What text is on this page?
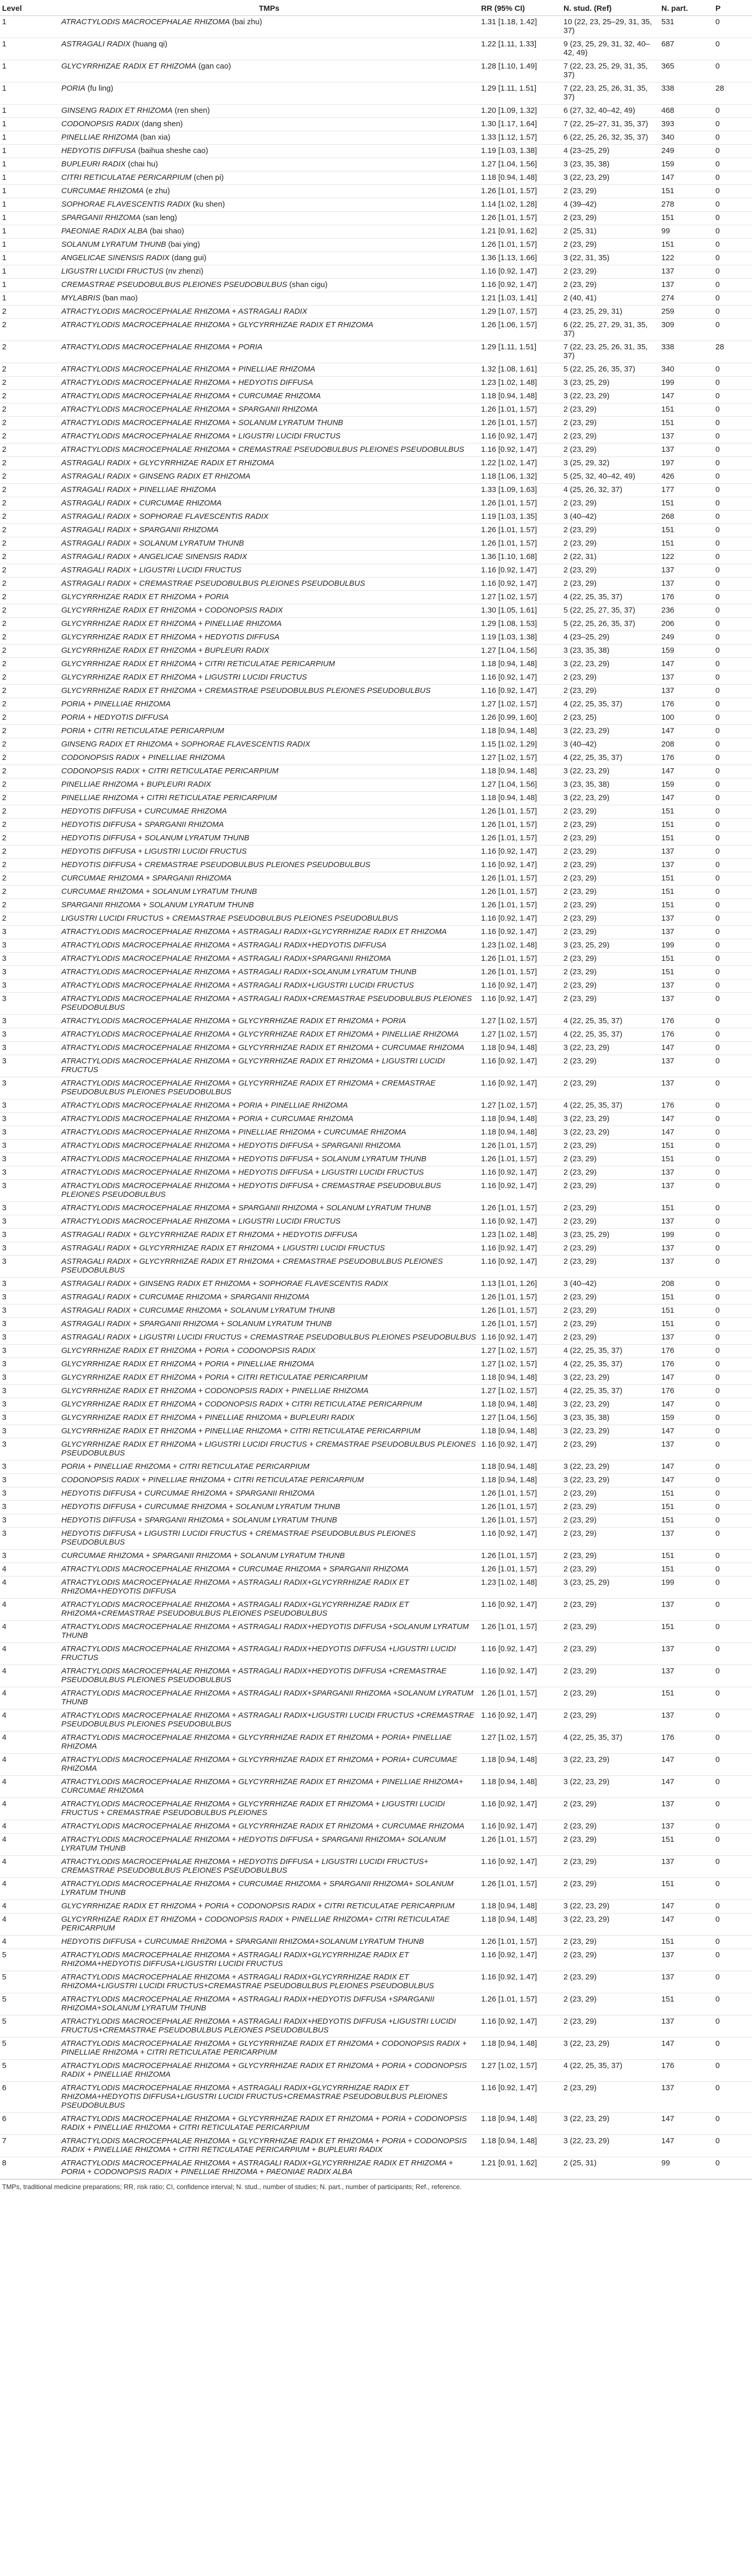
Level	TMPs	RR (95% CI)	N. stud. (Ref)	N. part.	P
1	ATRACTYLODIS MACROCEPHALAE RHIZOMA (bai zhu)	1.31 [1.18, 1.42]	10 (22, 23, 25–29, 31, 35, 37)	531	0
1	ASTRAGALI RADIX (huang qi)	1.22 [1.11, 1.33]	9 (23, 25, 29, 31, 32, 40–42, 49)	687	0
1	GLYCYRRHIZAE RADIX ET RHIZOMA (gan cao)	1.28 [1.10, 1.49]	7 (22, 23, 25, 29, 31, 35, 37)	365	0
1	PORIA (fu ling)	1.29 [1.11, 1.51]	7 (22, 23, 25, 26, 31, 35, 37)	338	28
1	GINSENG RADIX ET RHIZOMA (ren shen)	1.20 [1.09, 1.32]	6 (27, 32, 40–42, 49)	468	0
1	CODONOPSIS RADIX (dang shen)	1.30 [1.17, 1.64]	7 (22, 25–27, 31, 35, 37)	393	0
1	PINELLIAE RHIZOMA (ban xia)	1.33 [1.12, 1.57]	6 (22, 25, 26, 32, 35, 37)	340	0
1	HEDYOTIS DIFFUSA (baihua sheshe cao)	1.19 [1.03, 1.38]	4 (23–25, 29)	249	0
1	BUPLEURI RADIX (chai hu)	1.27 [1.04, 1.56]	3 (23, 35, 38)	159	0
1	CITRI RETICULATAE PERICARPIUM (chen pi)	1.18 [0.94, 1.48]	3 (22, 23, 29)	147	0
1	CURCUMAE RHIZOMA (e zhu)	1.26 [1.01, 1.57]	2 (23, 29)	151	0
1	SOPHORAE FLAVESCENTIS RADIX (ku shen)	1.14 [1.02, 1.28]	4 (39–42)	278	0
1	SPARGANII RHIZOMA (san leng)	1.26 [1.01, 1.57]	2 (23, 29)	151	0
1	PAEONIAE RADIX ALBA (bai shao)	1.21 [0.91, 1.62]	2 (25, 31)	99	0
1	SOLANUM LYRATUM THUNB (bai ying)	1.26 [1.01, 1.57]	2 (23, 29)	151	0
1	ANGELICAE SINENSIS RADIX (dang gui)	1.36 [1.13, 1.66]	3 (22, 31, 35)	122	0
1	LIGUSTRI LUCIDI FRUCTUS (nv zhenzi)	1.16 [0.92, 1.47]	2 (23, 29)	137	0
1	CREMASTRAE PSEUDOBULBUS PLEIONES PSEUDOBULBUS (shan cigu)	1.16 [0.92, 1.47]	2 (23, 29)	137	0
1	MYLABRIS (ban mao)	1.21 [1.03, 1.41]	2 (40, 41)	274	0
2	ATRACTYLODIS MACROCEPHALAE RHIZOMA + ASTRAGALI RADIX	1.29 [1.07, 1.57]	4 (23, 25, 29, 31)	259	0
2	ATRACTYLODIS MACROCEPHALAE RHIZOMA + GLYCYRRHIZAE RADIX ET RHIZOMA	1.26 [1.06, 1.57]	6 (22, 25, 27, 29, 31, 35, 37)	309	0
2	ATRACTYLODIS MACROCEPHALAE RHIZOMA + PORIA	1.29 [1.11, 1.51]	7 (22, 23, 25, 26, 31, 35, 37)	338	28
2	ATRACTYLODIS MACROCEPHALAE RHIZOMA + PINELLIAE RHIZOMA	1.32 [1.08, 1.61]	5 (22, 25, 26, 35, 37)	340	0
2	ATRACTYLODIS MACROCEPHALAE RHIZOMA + HEDYOTIS DIFFUSA	1.23 [1.02, 1.48]	3 (23, 25, 29)	199	0
2	ATRACTYLODIS MACROCEPHALAE RHIZOMA + CURCUMAE RHIZOMA	1.18 [0.94, 1.48]	3 (22, 23, 29)	147	0
2	ATRACTYLODIS MACROCEPHALAE RHIZOMA + SPARGANII RHIZOMA	1.26 [1.01, 1.57]	2 (23, 29)	151	0
2	ATRACTYLODIS MACROCEPHALAE RHIZOMA + SOLANUM LYRATUM THUNB	1.26 [1.01, 1.57]	2 (23, 29)	151	0
2	ATRACTYLODIS MACROCEPHALAE RHIZOMA + LIGUSTRI LUCIDI FRUCTUS	1.16 [0.92, 1.47]	2 (23, 29)	137	0
2	ATRACTYLODIS MACROCEPHALAE RHIZOMA + CREMASTRAE PSEUDOBULBUS PLEIONES PSEUDOBULBUS	1.16 [0.92, 1.47]	2 (23, 29)	137	0
2	ASTRAGALI RADIX + GLYCYRRHIZAE RADIX ET RHIZOMA	1.22 [1.02, 1.47]	3 (25, 29, 32)	197	0
2	ASTRAGALI RADIX + GINSENG RADIX ET RHIZOMA	1.18 [1.06, 1.32]	5 (25, 32, 40–42, 49)	426	0
2	ASTRAGALI RADIX + PINELLIAE RHIZOMA	1.33 [1.09, 1.63]	4 (25, 26, 32, 37)	177	0
2	ASTRAGALI RADIX + CURCUMAE RHIZOMA	1.26 [1.01, 1.57]	2 (23, 29)	151	0
2	ASTRAGALI RADIX + SOPHORAE FLAVESCENTIS RADIX	1.19 [1.03, 1.35]	3 (40–42)	268	0
2	ASTRAGALI RADIX + SPARGANII RHIZOMA	1.26 [1.01, 1.57]	2 (23, 29)	151	0
2	ASTRAGALI RADIX + SOLANUM LYRATUM THUNB	1.26 [1.01, 1.57]	2 (23, 29)	151	0
2	ASTRAGALI RADIX + ANGELICAE SINENSIS RADIX	1.36 [1.10, 1.68]	2 (22, 31)	122	0
2	ASTRAGALI RADIX + LIGUSTRI LUCIDI FRUCTUS	1.16 [0.92, 1.47]	2 (23, 29)	137	0
2	ASTRAGALI RADIX + CREMASTRAE PSEUDOBULBUS PLEIONES PSEUDOBULBUS	1.16 [0.92, 1.47]	2 (23, 29)	137	0
2	GLYCYRRHIZAE RADIX ET RHIZOMA + PORIA	1.27 [1.02, 1.57]	4 (22, 25, 35, 37)	176	0
2	GLYCYRRHIZAE RADIX ET RHIZOMA + CODONOPSIS RADIX	1.30 [1.05, 1.61]	5 (22, 25, 27, 35, 37)	236	0
2	GLYCYRRHIZAE RADIX ET RHIZOMA + PINELLIAE RHIZOMA	1.29 [1.08, 1.53]	5 (22, 25, 26, 35, 37)	206	0
2	GLYCYRRHIZAE RADIX ET RHIZOMA + HEDYOTIS DIFFUSA	1.19 [1.03, 1.38]	4 (23–25, 29)	249	0
2	GLYCYRRHIZAE RADIX ET RHIZOMA + BUPLEURI RADIX	1.27 [1.04, 1.56]	3 (23, 35, 38)	159	0
2	GLYCYRRHIZAE RADIX ET RHIZOMA + CITRI RETICULATAE PERICARPIUM	1.18 [0.94, 1.48]	3 (22, 23, 29)	147	0
2	GLYCYRRHIZAE RADIX ET RHIZOMA + LIGUSTRI LUCIDI FRUCTUS	1.16 [0.92, 1.47]	2 (23, 29)	137	0
2	GLYCYRRHIZAE RADIX ET RHIZOMA + CREMASTRAE PSEUDOBULBUS PLEIONES PSEUDOBULBUS	1.16 [0.92, 1.47]	2 (23, 29)	137	0
2	PORIA + PINELLIAE RHIZOMA	1.27 [1.02, 1.57]	4 (22, 25, 35, 37)	176	0
2	PORIA + HEDYOTIS DIFFUSA	1.26 [0.99, 1.60]	2 (23, 25)	100	0
2	PORIA + CITRI RETICULATAE PERICARPIUM	1.18 [0.94, 1.48]	3 (22, 23, 29)	147	0
2	GINSENG RADIX ET RHIZOMA + SOPHORAE FLAVESCENTIS RADIX	1.15 [1.02, 1.29]	3 (40–42)	208	0
2	CODONOPSIS RADIX + PINELLIAE RHIZOMA	1.27 [1.02, 1.57]	4 (22, 25, 35, 37)	176	0
2	CODONOPSIS RADIX + CITRI RETICULATAE PERICARPIUM	1.18 [0.94, 1.48]	3 (22, 23, 29)	147	0
2	PINELLIAE RHIZOMA + BUPLEURI RADIX	1.27 [1.04, 1.56]	3 (23, 35, 38)	159	0
2	PINELLIAE RHIZOMA + CITRI RETICULATAE PERICARPIUM	1.18 [0.94, 1.48]	3 (22, 23, 29)	147	0
2	HEDYOTIS DIFFUSA + CURCUMAE RHIZOMA	1.26 [1.01, 1.57]	2 (23, 29)	151	0
2	HEDYOTIS DIFFUSA + SPARGANII RHIZOMA	1.26 [1.01, 1.57]	2 (23, 29)	151	0
2	HEDYOTIS DIFFUSA + SOLANUM LYRATUM THUNB	1.26 [1.01, 1.57]	2 (23, 29)	151	0
2	HEDYOTIS DIFFUSA + LIGUSTRI LUCIDI FRUCTUS	1.16 [0.92, 1.47]	2 (23, 29)	137	0
2	HEDYOTIS DIFFUSA + CREMASTRAE PSEUDOBULBUS PLEIONES PSEUDOBULBUS	1.16 [0.92, 1.47]	2 (23, 29)	137	0
2	CURCUMAE RHIZOMA + SPARGANII RHIZOMA	1.26 [1.01, 1.57]	2 (23, 29)	151	0
2	CURCUMAE RHIZOMA + SOLANUM LYRATUM THUNB	1.26 [1.01, 1.57]	2 (23, 29)	151	0
2	SPARGANII RHIZOMA + SOLANUM LYRATUM THUNB	1.26 [1.01, 1.57]	2 (23, 29)	151	0
2	LIGUSTRI LUCIDI FRUCTUS + CREMASTRAE PSEUDOBULBUS PLEIONES PSEUDOBULBUS	1.16 [0.92, 1.47]	2 (23, 29)	137	0
3	ATRACTYLODIS MACROCEPHALAE RHIZOMA + ASTRAGALI RADIX+GLYCYRRHIZAE RADIX ET RHIZOMA	1.16 [0.92, 1.47]	2 (23, 29)	137	0
3	ATRACTYLODIS MACROCEPHALAE RHIZOMA + ASTRAGALI RADIX+HEDYOTIS DIFFUSA	1.23 [1.02, 1.48]	3 (23, 25, 29)	199	0
3	ATRACTYLODIS MACROCEPHALAE RHIZOMA + ASTRAGALI RADIX+SPARGANII RHIZOMA	1.26 [1.01, 1.57]	2 (23, 29)	151	0
3	ATRACTYLODIS MACROCEPHALAE RHIZOMA + ASTRAGALI RADIX+SOLANUM LYRATUM THUNB	1.26 [1.01, 1.57]	2 (23, 29)	151	0
3	ATRACTYLODIS MACROCEPHALAE RHIZOMA + ASTRAGALI RADIX+LIGUSTRI LUCIDI FRUCTUS	1.16 [0.92, 1.47]	2 (23, 29)	137	0
3	ATRACTYLODIS MACROCEPHALAE RHIZOMA + ASTRAGALI RADIX+CREMASTRAE PSEUDOBULBUS PLEIONES PSEUDOBULBUS	1.16 [0.92, 1.47]	2 (23, 29)	137	0
3	ATRACTYLODIS MACROCEPHALAE RHIZOMA + GLYCYRRHIZAE RADIX ET RHIZOMA + PORIA	1.27 [1.02, 1.57]	4 (22, 25, 35, 37)	176	0
3	ATRACTYLODIS MACROCEPHALAE RHIZOMA + GLYCYRRHIZAE RADIX ET RHIZOMA + PINELLIAE RHIZOMA	1.27 [1.02, 1.57]	4 (22, 25, 35, 37)	176	0
3	ATRACTYLODIS MACROCEPHALAE RHIZOMA + GLYCYRRHIZAE RADIX ET RHIZOMA + CURCUMAE RHIZOMA	1.18 [0.94, 1.48]	3 (22, 23, 29)	147	0
3	ATRACTYLODIS MACROCEPHALAE RHIZOMA + GLYCYRRHIZAE RADIX ET RHIZOMA + LIGUSTRI LUCIDI FRUCTUS	1.16 [0.92, 1.47]	2 (23, 29)	137	0
3	ATRACTYLODIS MACROCEPHALAE RHIZOMA + GLYCYRRHIZAE RADIX ET RHIZOMA + CREMASTRAE PSEUDOBULBUS PLEIONES PSEUDOBULBUS	1.16 [0.92, 1.47]	2 (23, 29)	137	0
3	ATRACTYLODIS MACROCEPHALAE RHIZOMA + PORIA + PINELLIAE RHIZOMA	1.27 [1.02, 1.57]	4 (22, 25, 35, 37)	176	0
3	ATRACTYLODIS MACROCEPHALAE RHIZOMA + PORIA + CURCUMAE RHIZOMA	1.18 [0.94, 1.48]	3 (22, 23, 29)	147	0
3	ATRACTYLODIS MACROCEPHALAE RHIZOMA + PINELLIAE RHIZOMA + CURCUMAE RHIZOMA	1.18 [0.94, 1.48]	3 (22, 23, 29)	147	0
3	ATRACTYLODIS MACROCEPHALAE RHIZOMA + HEDYOTIS DIFFUSA + SPARGANII RHIZOMA	1.26 [1.01, 1.57]	2 (23, 29)	151	0
3	ATRACTYLODIS MACROCEPHALAE RHIZOMA + HEDYOTIS DIFFUSA + SOLANUM LYRATUM THUNB	1.26 [1.01, 1.57]	2 (23, 29)	151	0
3	ATRACTYLODIS MACROCEPHALAE RHIZOMA + HEDYOTIS DIFFUSA + LIGUSTRI LUCIDI FRUCTUS	1.16 [0.92, 1.47]	2 (23, 29)	137	0
3	ATRACTYLODIS MACROCEPHALAE RHIZOMA + HEDYOTIS DIFFUSA + CREMASTRAE PSEUDOBULBUS PLEIONES PSEUDOBULBUS	1.16 [0.92, 1.47]	2 (23, 29)	137	0
3	ATRACTYLODIS MACROCEPHALAE RHIZOMA + SPARGANII RHIZOMA + SOLANUM LYRATUM THUNB	1.26 [1.01, 1.57]	2 (23, 29)	151	0
3	ATRACTYLODIS MACROCEPHALAE RHIZOMA + LIGUSTRI LUCIDI FRUCTUS	1.16 [0.92, 1.47]	2 (23, 29)	137	0
3	ASTRAGALI RADIX + GLYCYRRHIZAE RADIX ET RHIZOMA + HEDYOTIS DIFFUSA	1.23 [1.02, 1.48]	3 (23, 25, 29)	199	0
3	ASTRAGALI RADIX + GLYCYRRHIZAE RADIX ET RHIZOMA + LIGUSTRI LUCIDI FRUCTUS	1.16 [0.92, 1.47]	2 (23, 29)	137	0
3	ASTRAGALI RADIX + GLYCYRRHIZAE RADIX ET RHIZOMA + CREMASTRAE PSEUDOBULBUS PLEIONES PSEUDOBULBUS	1.16 [0.92, 1.47]	2 (23, 29)	137	0
3	ASTRAGALI RADIX + GINSENG RADIX ET RHIZOMA + SOPHORAE FLAVESCENTIS RADIX	1.13 [1.01, 1.26]	3 (40–42)	208	0
3	ASTRAGALI RADIX + CURCUMAE RHIZOMA + SPARGANII RHIZOMA	1.26 [1.01, 1.57]	2 (23, 29)	151	0
3	ASTRAGALI RADIX + CURCUMAE RHIZOMA + SOLANUM LYRATUM THUNB	1.26 [1.01, 1.57]	2 (23, 29)	151	0
3	ASTRAGALI RADIX + SPARGANII RHIZOMA + SOLANUM LYRATUM THUNB	1.26 [1.01, 1.57]	2 (23, 29)	151	0
3	ASTRAGALI RADIX + LIGUSTRI LUCIDI FRUCTUS + CREMASTRAE PSEUDOBULBUS PLEIONES PSEUDOBULBUS	1.16 [0.92, 1.47]	2 (23, 29)	137	0
3	GLYCYRRHIZAE RADIX ET RHIZOMA + PORIA + CODONOPSIS RADIX	1.27 [1.02, 1.57]	4 (22, 25, 35, 37)	176	0
3	GLYCYRRHIZAE RADIX ET RHIZOMA + PORIA + PINELLIAE RHIZOMA	1.27 [1.02, 1.57]	4 (22, 25, 35, 37)	176	0
3	GLYCYRRHIZAE RADIX ET RHIZOMA + PORIA + CITRI RETICULATAE PERICARPIUM	1.18 [0.94, 1.48]	3 (22, 23, 29)	147	0
3	GLYCYRRHIZAE RADIX ET RHIZOMA + CODONOPSIS RADIX + PINELLIAE RHIZOMA	1.27 [1.02, 1.57]	4 (22, 25, 35, 37)	176	0
3	GLYCYRRHIZAE RADIX ET RHIZOMA + CODONOPSIS RADIX + CITRI RETICULATAE PERICARPIUM	1.18 [0.94, 1.48]	3 (22, 23, 29)	147	0
3	GLYCYRRHIZAE RADIX ET RHIZOMA + PINELLIAE RHIZOMA + BUPLEURI RADIX	1.27 [1.04, 1.56]	3 (23, 35, 38)	159	0
3	GLYCYRRHIZAE RADIX ET RHIZOMA + PINELLIAE RHIZOMA + CITRI RETICULATAE PERICARPIUM	1.18 [0.94, 1.48]	3 (22, 23, 29)	147	0
3	GLYCYRRHIZAE RADIX ET RHIZOMA + LIGUSTRI LUCIDI FRUCTUS + CREMASTRAE PSEUDOBULBUS PLEIONES PSEUDOBULBUS	1.16 [0.92, 1.47]	2 (23, 29)	137	0
3	PORIA + PINELLIAE RHIZOMA + CITRI RETICULATAE PERICARPIUM	1.18 [0.94, 1.48]	3 (22, 23, 29)	147	0
3	CODONOPSIS RADIX + PINELLIAE RHIZOMA + CITRI RETICULATAE PERICARPIUM	1.18 [0.94, 1.48]	3 (22, 23, 29)	147	0
3	HEDYOTIS DIFFUSA + CURCUMAE RHIZOMA + SPARGANII RHIZOMA	1.26 [1.01, 1.57]	2 (23, 29)	151	0
3	HEDYOTIS DIFFUSA + CURCUMAE RHIZOMA + SOLANUM LYRATUM THUNB	1.26 [1.01, 1.57]	2 (23, 29)	151	0
3	HEDYOTIS DIFFUSA + SPARGANII RHIZOMA + SOLANUM LYRATUM THUNB	1.26 [1.01, 1.57]	2 (23, 29)	151	0
3	HEDYOTIS DIFFUSA + LIGUSTRI LUCIDI FRUCTUS + CREMASTRAE PSEUDOBULBUS PLEIONES PSEUDOBULBUS	1.16 [0.92, 1.47]	2 (23, 29)	137	0
3	CURCUMAE RHIZOMA + SPARGANII RHIZOMA + SOLANUM LYRATUM THUNB	1.26 [1.01, 1.57]	2 (23, 29)	151	0
4	ATRACTYLODIS MACROCEPHALAE RHIZOMA + CURCUMAE RHIZOMA + SPARGANII RHIZOMA	1.26 [1.01, 1.57]	2 (23, 29)	151	0
4	ATRACTYLODIS MACROCEPHALAE RHIZOMA + ASTRAGALI RADIX+GLYCYRRHIZAE RADIX ET RHIZOMA+HEDYOTIS DIFFUSA	1.23 [1.02, 1.48]	3 (23, 25, 29)	199	0
4	ATRACTYLODIS MACROCEPHALAE RHIZOMA + ASTRAGALI RADIX+GLYCYRRHIZAE RADIX ET RHIZOMA+CREMASTRAE PSEUDOBULBUS PLEIONES PSEUDOBULBUS	1.16 [0.92, 1.47]	2 (23, 29)	137	0
4	ATRACTYLODIS MACROCEPHALAE RHIZOMA + ASTRAGALI RADIX+HEDYOTIS DIFFUSA +SOLANUM LYRATUM THUNB	1.26 [1.01, 1.57]	2 (23, 29)	151	0
4	ATRACTYLODIS MACROCEPHALAE RHIZOMA + ASTRAGALI RADIX+HEDYOTIS DIFFUSA +LIGUSTRI LUCIDI FRUCTUS	1.16 [0.92, 1.47]	2 (23, 29)	137	0
4	ATRACTYLODIS MACROCEPHALAE RHIZOMA + ASTRAGALI RADIX+HEDYOTIS DIFFUSA +CREMASTRAE PSEUDOBULBUS PLEIONES PSEUDOBULBUS	1.16 [0.92, 1.47]	2 (23, 29)	137	0
4	ATRACTYLODIS MACROCEPHALAE RHIZOMA + ASTRAGALI RADIX+SPARGANII RHIZOMA +SOLANUM LYRATUM THUNB	1.26 [1.01, 1.57]	2 (23, 29)	151	0
4	ATRACTYLODIS MACROCEPHALAE RHIZOMA + ASTRAGALI RADIX+LIGUSTRI LUCIDI FRUCTUS +CREMASTRAE PSEUDOBULBUS PLEIONES PSEUDOBULBUS	1.16 [0.92, 1.47]	2 (23, 29)	137	0
4	ATRACTYLODIS MACROCEPHALAE RHIZOMA + GLYCYRRHIZAE RADIX ET RHIZOMA + PORIA+ PINELLIAE RHIZOMA	1.27 [1.02, 1.57]	4 (22, 25, 35, 37)	176	0
4	ATRACTYLODIS MACROCEPHALAE RHIZOMA + GLYCYRRHIZAE RADIX ET RHIZOMA + PORIA+ CURCUMAE RHIZOMA	1.18 [0.94, 1.48]	3 (22, 23, 29)	147	0
4	ATRACTYLODIS MACROCEPHALAE RHIZOMA + GLYCYRRHIZAE RADIX ET RHIZOMA + PINELLIAE RHIZOMA+ CURCUMAE RHIZOMA	1.18 [0.94, 1.48]	3 (22, 23, 29)	147	0
4	ATRACTYLODIS MACROCEPHALAE RHIZOMA + GLYCYRRHIZAE RADIX ET RHIZOMA + LIGUSTRI LUCIDI FRUCTUS + CREMASTRAE PSEUDOBULBUS PLEIONES	1.16 [0.92, 1.47]	2 (23, 29)	137	0
4	ATRACTYLODIS MACROCEPHALAE RHIZOMA + GLYCYRRHIZAE RADIX ET RHIZOMA + CURCUMAE RHIZOMA	1.16 [0.92, 1.47]	2 (23, 29)	137	0
4	ATRACTYLODIS MACROCEPHALAE RHIZOMA + HEDYOTIS DIFFUSA + SPARGANII RHIZOMA+ SOLANUM LYRATUM THUNB	1.26 [1.01, 1.57]	2 (23, 29)	151	0
4	ATRACTYLODIS MACROCEPHALAE RHIZOMA + HEDYOTIS DIFFUSA + LIGUSTRI LUCIDI FRUCTUS+ CREMASTRAE PSEUDOBULBUS PLEIONES PSEUDOBULBUS	1.16 [0.92, 1.47]	2 (23, 29)	137	0
4	ATRACTYLODIS MACROCEPHALAE RHIZOMA + CURCUMAE RHIZOMA + SPARGANII RHIZOMA+ SOLANUM LYRATUM THUNB	1.26 [1.01, 1.57]	2 (23, 29)	151	0
4	GLYCYRRHIZAE RADIX ET RHIZOMA + PORIA + CODONOPSIS RADIX + CITRI RETICULATAE PERICARPIUM	1.18 [0.94, 1.48]	3 (22, 23, 29)	147	0
4	GLYCYRRHIZAE RADIX ET RHIZOMA + CODONOPSIS RADIX + PINELLIAE RHIZOMA+ CITRI RETICULATAE PERICARPIUM	1.18 [0.94, 1.48]	3 (22, 23, 29)	147	0
4	HEDYOTIS DIFFUSA + CURCUMAE RHIZOMA + SPARGANII RHIZOMA+SOLANUM LYRATUM THUNB	1.26 [1.01, 1.57]	2 (23, 29)	151	0
5	ATRACTYLODIS MACROCEPHALAE RHIZOMA + ASTRAGALI RADIX+GLYCYRRHIZAE RADIX ET RHIZOMA+HEDYOTIS DIFFUSA+LIGUSTRI LUCIDI FRUCTUS	1.16 [0.92, 1.47]	2 (23, 29)	137	0
5	ATRACTYLODIS MACROCEPHALAE RHIZOMA + ASTRAGALI RADIX+GLYCYRRHIZAE RADIX ET RHIZOMA+LIGUSTRI LUCIDI FRUCTUS+CREMASTRAE PSEUDOBULBUS PLEIONES PSEUDOBULBUS	1.16 [0.92, 1.47]	2 (23, 29)	137	0
5	ATRACTYLODIS MACROCEPHALAE RHIZOMA + ASTRAGALI RADIX+HEDYOTIS DIFFUSA +SPARGANII RHIZOMA+SOLANUM LYRATUM THUNB	1.26 [1.01, 1.57]	2 (23, 29)	151	0
5	ATRACTYLODIS MACROCEPHALAE RHIZOMA + ASTRAGALI RADIX+HEDYOTIS DIFFUSA +LIGUSTRI LUCIDI FRUCTUS+CREMASTRAE PSEUDOBULBUS PLEIONES PSEUDOBULBUS	1.16 [0.92, 1.47]	2 (23, 29)	137	0
5	ATRACTYLODIS MACROCEPHALAE RHIZOMA + GLYCYRRHIZAE RADIX ET RHIZOMA + CODONOPSIS RADIX + PINELLIAE RHIZOMA + CITRI RETICULATAE PERICARPIUM	1.18 [0.94, 1.48]	3 (22, 23, 29)	147	0
5	ATRACTYLODIS MACROCEPHALAE RHIZOMA + GLYCYRRHIZAE RADIX ET RHIZOMA + PORIA + CODONOPSIS RADIX + PINELLIAE RHIZOMA	1.27 [1.02, 1.57]	4 (22, 25, 35, 37)	176	0
6	ATRACTYLODIS MACROCEPHALAE RHIZOMA + ASTRAGALI RADIX+GLYCYRRHIZAE RADIX ET RHIZOMA+HEDYOTIS DIFFUSA+LIGUSTRI LUCIDI FRUCTUS+CREMASTRAE PSEUDOBULBUS PLEIONES PSEUDOBULBUS	1.16 [0.92, 1.47]	2 (23, 29)	137	0
6	ATRACTYLODIS MACROCEPHALAE RHIZOMA + GLYCYRRHIZAE RADIX ET RHIZOMA + PORIA + CODONOPSIS RADIX + PINELLIAE RHIZOMA + CITRI RETICULATAE PERICARPIUM	1.18 [0.94, 1.48]	3 (22, 23, 29)	147	0
7	ATRACTYLODIS MACROCEPHALAE RHIZOMA + GLYCYRRHIZAE RADIX ET RHIZOMA + PORIA + CODONOPSIS RADIX + PINELLIAE RHIZOMA + CITRI RETICULATAE PERICARPIUM + BUPLEURI RADIX	1.18 [0.94, 1.48]	3 (22, 23, 29)	147	0
8	ATRACTYLODIS MACROCEPHALAE RHIZOMA + ASTRAGALI RADIX+GLYCYRRHIZAE RADIX ET RHIZOMA + PORIA + CODONOPSIS RADIX + PINELLIAE RHIZOMA + PAEONIAE RADIX ALBA	1.21 [0.91, 1.62]	2 (25, 31)	99	0
TMPs, traditional medicine preparations; RR, risk ratio; CI, confidence interval; N. stud., number of studies; N. part., number of participants; Ref., reference.
